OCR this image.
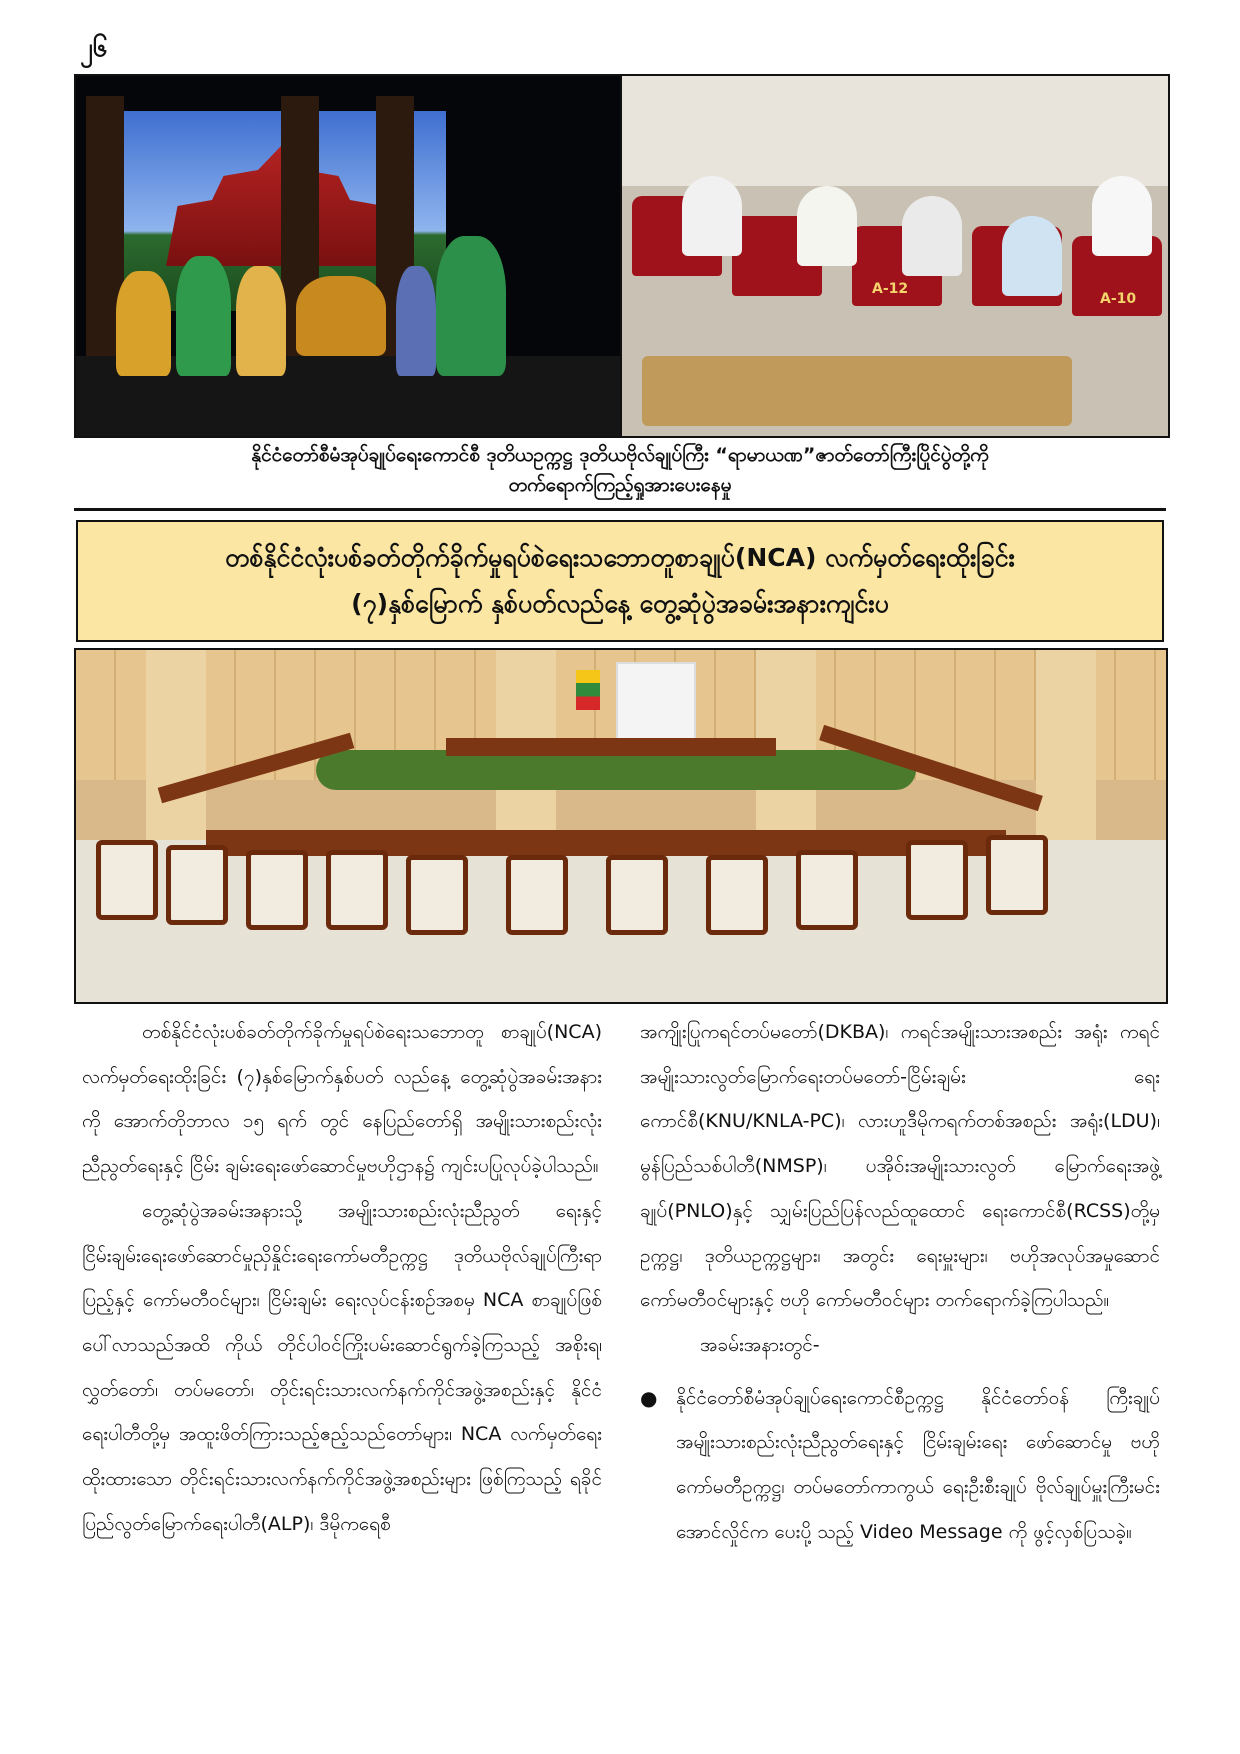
၂၆
A-12
A-10
နိုင်ငံတော်စီမံအုပ်ချုပ်ရေးကောင်စီ ဒုတိယဥက္ကဋ္ဌ ဒုတိယဗိုလ်ချုပ်ကြီး “ရာမာယဏ”ဇာတ်တော်ကြီးပြိုင်ပွဲတို့ကို
တက်ရောက်ကြည့်ရှုအားပေးနေမှု
တစ်နိုင်ငံလုံးပစ်ခတ်တိုက်ခိုက်မှုရပ်စဲရေးသဘောတူစာချုပ်(NCA) လက်မှတ်ရေးထိုးခြင်း
(၇)နှစ်မြောက် နှစ်ပတ်လည်နေ့ တွေ့ဆုံပွဲအခမ်းအနားကျင်းပ

တစ်နိုင်ငံလုံးပစ်ခတ်တိုက်ခိုက်မှုရပ်စဲရေးသဘောတူ စာချုပ်(NCA) လက်မှတ်ရေးထိုးခြင်း (၇)နှစ်မြောက်နှစ်ပတ် လည်နေ့ တွေ့ဆုံပွဲအခမ်းအနားကို အောက်တိုဘာလ ၁၅ ရက် တွင် နေပြည်တော်ရှိ အမျိုးသားစည်းလုံးညီညွတ်ရေးနှင့် ငြိမ်း ချမ်းရေးဖော်ဆောင်မှုဗဟိုဌာန၌ ကျင်းပပြုလုပ်ခဲ့ပါသည်။

တွေ့ဆုံပွဲအခမ်းအနားသို့ အမျိုးသားစည်းလုံးညီညွတ် ရေးနှင့် ငြိမ်းချမ်းရေးဖော်ဆောင်မှုညှိနှိုင်းရေးကော်မတီဥက္ကဋ္ဌ ဒုတိယဗိုလ်ချုပ်ကြီးရာပြည့်နှင့် ကော်မတီဝင်များ၊ ငြိမ်းချမ်း ရေးလုပ်ငန်းစဉ်အစမှ NCA စာချုပ်ဖြစ်ပေါ်လာသည်အထိ ကိုယ် တိုင်ပါဝင်ကြိုးပမ်းဆောင်ရွက်ခဲ့ကြသည့် အစိုးရ၊ လွှတ်တော်၊ တပ်မတော်၊ တိုင်းရင်းသားလက်နက်ကိုင်အဖွဲ့အစည်းနှင့် နိုင်ငံ ရေးပါတီတို့မှ အထူးဖိတ်ကြားသည့်ဧည့်သည်တော်များ၊ NCA လက်မှတ်ရေး ထိုးထားသော တိုင်းရင်းသားလက်နက်ကိုင်အဖွဲ့အစည်းများ ဖြစ်ကြသည့် ရခိုင်ပြည်လွတ်မြောက်ရေးပါတီ(ALP)၊ ဒီမိုကရေစီ

အကျိုးပြုကရင်တပ်မတော်(DKBA)၊ ကရင်အမျိုးသားအစည်း အရုံး ကရင်အမျိုးသားလွတ်မြောက်ရေးတပ်မတော်-ငြိမ်းချမ်း ရေးကောင်စီ(KNU/KNLA-PC)၊ လားဟူဒီမိုကရက်တစ်အစည်း အရုံး(LDU)၊ မွန်ပြည်သစ်ပါတီ(NMSP)၊ ပအိုဝ်းအမျိုးသားလွတ် မြောက်ရေးအဖွဲ့ချုပ်(PNLO)နှင့် သျှမ်းပြည်ပြန်လည်ထူထောင် ရေးကောင်စီ(RCSS)တို့မှ ဥက္ကဋ္ဌ၊ ဒုတိယဥက္ကဋ္ဌများ၊ အတွင်း ရေးမှူးများ၊ ဗဟိုအလုပ်အမှုဆောင်ကော်မတီဝင်များနှင့် ဗဟို ကော်မတီဝင်များ တက်ရောက်ခဲ့ကြပါသည်။

အခမ်းအနားတွင်-

● နိုင်ငံတော်စီမံအုပ်ချုပ်ရေးကောင်စီဥက္ကဋ္ဌ နိုင်ငံတော်ဝန် ကြီးချုပ် အမျိုးသားစည်းလုံးညီညွတ်ရေးနှင့် ငြိမ်းချမ်းရေး ဖော်ဆောင်မှု ဗဟိုကော်မတီဥက္ကဋ္ဌ၊ တပ်မတော်ကာကွယ် ရေးဦးစီးချုပ် ဗိုလ်ချုပ်မှူးကြီးမင်းအောင်လှိုင်က ပေးပို့ သည့် Video Message ကို ဖွင့်လှစ်ပြသခဲ့။
